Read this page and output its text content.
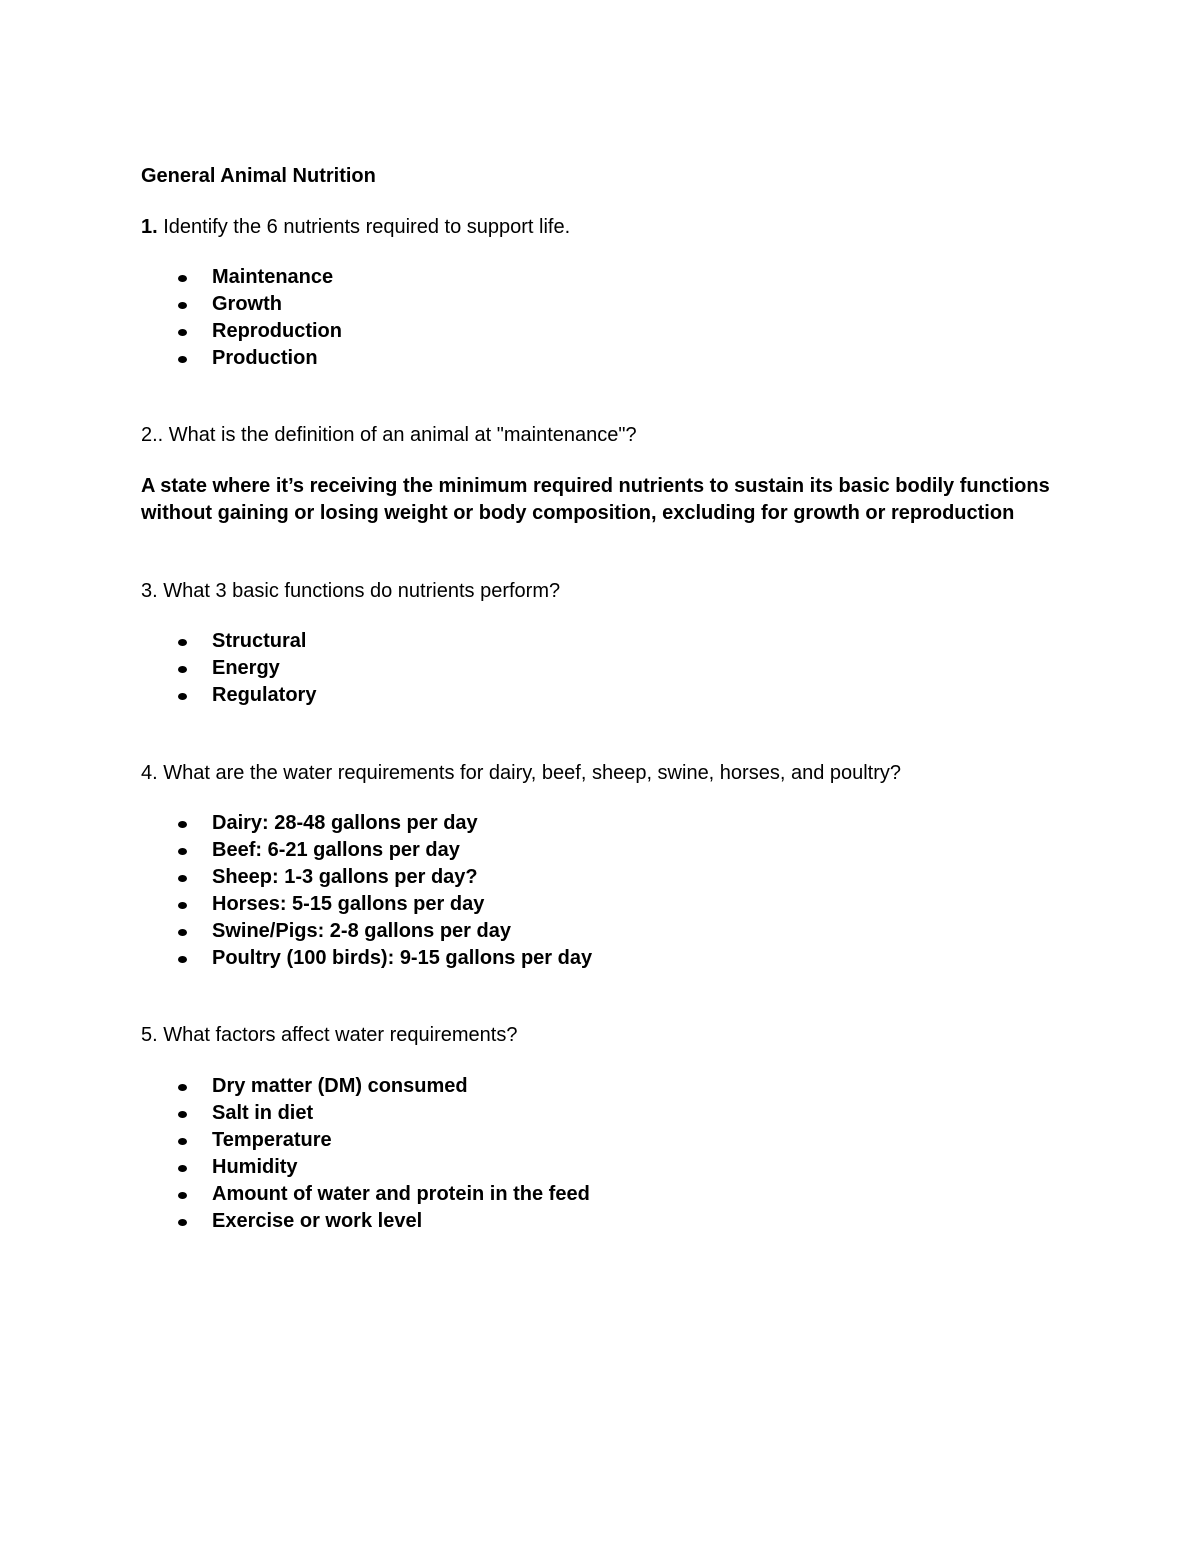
General Animal Nutrition

1. Identify the 6 nutrients required to support life.

Maintenance
Growth
Reproduction
Production

2.. What is the definition of an animal at "maintenance"?

A state where it’s receiving the minimum required nutrients to sustain its basic bodily functions without gaining or losing weight or body composition, excluding for growth or reproduction

3. What 3 basic functions do nutrients perform?

Structural
Energy
Regulatory

4. What are the water requirements for dairy, beef, sheep, swine, horses, and poultry?

Dairy: 28-48 gallons per day
Beef: 6-21 gallons per day
Sheep: 1-3 gallons per day?
Horses: 5-15 gallons per day
Swine/Pigs: 2-8 gallons per day
Poultry (100 birds): 9-15 gallons per day

5. What factors affect water requirements?

Dry matter (DM) consumed
Salt in diet
Temperature
Humidity
Amount of water and protein in the feed
Exercise or work level
